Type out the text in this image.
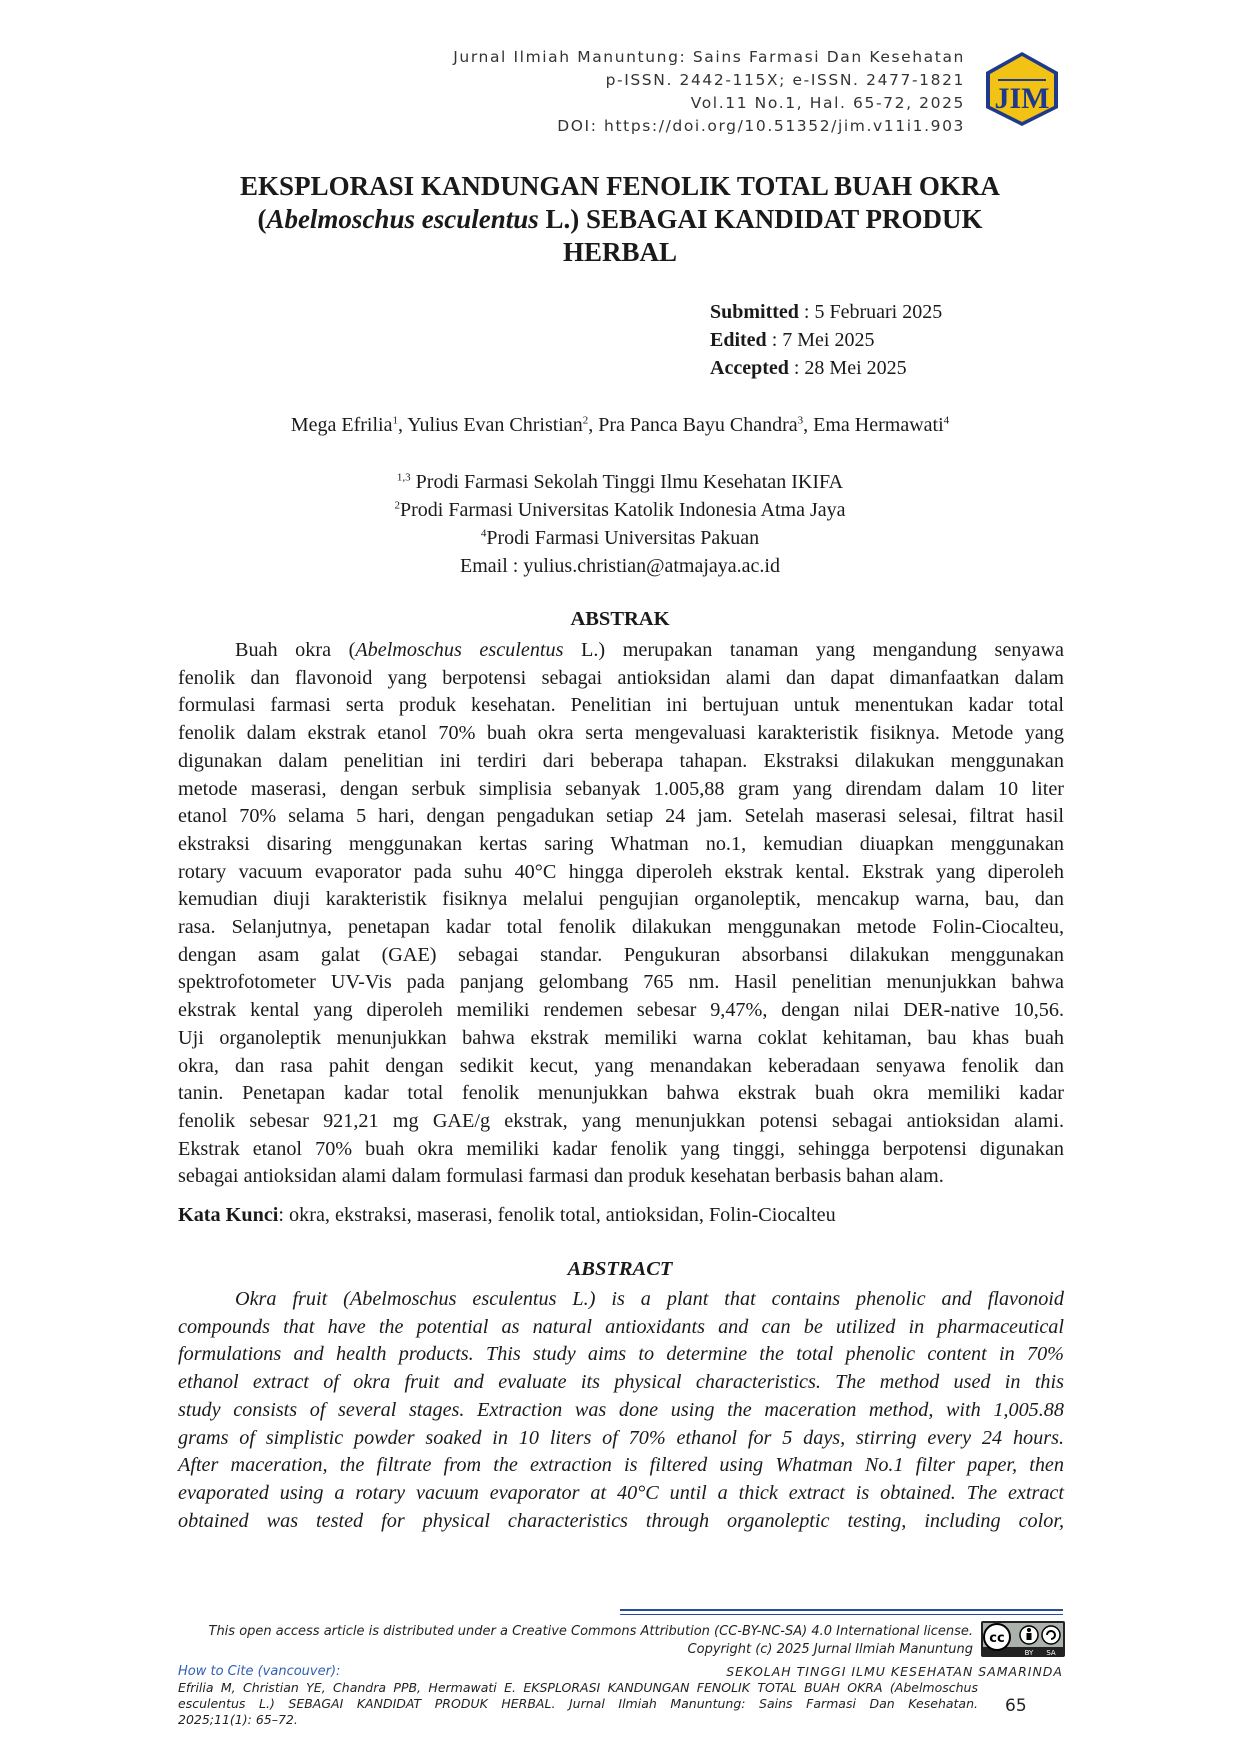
Jurnal Ilmiah Manuntung: Sains Farmasi Dan Kesehatan
p-ISSN. 2442-115X; e-ISSN. 2477-1821
Vol.11 No.1, Hal. 65-72, 2025
DOI: https://doi.org/10.51352/jim.v11i1.903
JIM
EKSPLORASI KANDUNGAN FENOLIK TOTAL BUAH OKRA
(Abelmoschus esculentus L.) SEBAGAI KANDIDAT PRODUK
HERBAL
Submitted : 5 Februari 2025
Edited : 7 Mei 2025
Accepted : 28 Mei 2025
Mega Efrilia$^1$, Yulius Evan Christian$^2$, Pra Panca Bayu Chandra$^3$, Ema Hermawati$^4$
$^{1,3}$ Prodi Farmasi Sekolah Tinggi Ilmu Kesehatan IKIFA
$^2$Prodi Farmasi Universitas Katolik Indonesia Atma Jaya
$^4$Prodi Farmasi Universitas Pakuan
Email : yulius.christian@atmajaya.ac.id
ABSTRAK
Buah okra (Abelmoschus esculentus L.) merupakan tanaman yang mengandung senyawa
fenolik dan flavonoid yang berpotensi sebagai antioksidan alami dan dapat dimanfaatkan dalam
formulasi farmasi serta produk kesehatan. Penelitian ini bertujuan untuk menentukan kadar total
fenolik dalam ekstrak etanol 70% buah okra serta mengevaluasi karakteristik fisiknya. Metode yang
digunakan dalam penelitian ini terdiri dari beberapa tahapan. Ekstraksi dilakukan menggunakan
metode maserasi, dengan serbuk simplisia sebanyak 1.005,88 gram yang direndam dalam 10 liter
etanol 70% selama 5 hari, dengan pengadukan setiap 24 jam. Setelah maserasi selesai, filtrat hasil
ekstraksi disaring menggunakan kertas saring Whatman no.1, kemudian diuapkan menggunakan
rotary vacuum evaporator pada suhu 40°C hingga diperoleh ekstrak kental. Ekstrak yang diperoleh
kemudian diuji karakteristik fisiknya melalui pengujian organoleptik, mencakup warna, bau, dan
rasa. Selanjutnya, penetapan kadar total fenolik dilakukan menggunakan metode Folin-Ciocalteu,
dengan asam galat (GAE) sebagai standar. Pengukuran absorbansi dilakukan menggunakan
spektrofotometer UV-Vis pada panjang gelombang 765 nm. Hasil penelitian menunjukkan bahwa
ekstrak kental yang diperoleh memiliki rendemen sebesar 9,47%, dengan nilai DER-native 10,56.
Uji organoleptik menunjukkan bahwa ekstrak memiliki warna coklat kehitaman, bau khas buah
okra, dan rasa pahit dengan sedikit kecut, yang menandakan keberadaan senyawa fenolik dan
tanin. Penetapan kadar total fenolik menunjukkan bahwa ekstrak buah okra memiliki kadar
fenolik sebesar 921,21 mg GAE/g ekstrak, yang menunjukkan potensi sebagai antioksidan alami.
Ekstrak etanol 70% buah okra memiliki kadar fenolik yang tinggi, sehingga berpotensi digunakan
sebagai antioksidan alami dalam formulasi farmasi dan produk kesehatan berbasis bahan alam.
Kata Kunci: okra, ekstraksi, maserasi, fenolik total, antioksidan, Folin-Ciocalteu
ABSTRACT
Okra fruit (Abelmoschus esculentus L.) is a plant that contains phenolic and flavonoid
compounds that have the potential as natural antioxidants and can be utilized in pharmaceutical
formulations and health products. This study aims to determine the total phenolic content in 70%
ethanol extract of okra fruit and evaluate its physical characteristics. The method used in this
study consists of several stages. Extraction was done using the maceration method, with 1,005.88
grams of simplistic powder soaked in 10 liters of 70% ethanol for 5 days, stirring every 24 hours.
After maceration, the filtrate from the extraction is filtered using Whatman No.1 filter paper, then
evaporated using a rotary vacuum evaporator at 40°C until a thick extract is obtained. The extract
obtained was tested for physical characteristics through organoleptic testing, including color,
This open access article is distributed under a Creative Commons Attribution (CC-BY-NC-SA) 4.0 International license.
Copyright (c) 2025 Jurnal Ilmiah Manuntung
cc
BY SA
How to Cite (vancouver):	SEKOLAH TINGGI ILMU KESEHATAN SAMARINDA
Efrilia M, Christian YE, Chandra PPB, Hermawati E. EKSPLORASI KANDUNGAN FENOLIK TOTAL BUAH OKRA (Abelmoschus
esculentus L.) SEBAGAI KANDIDAT PRODUK HERBAL. Jurnal Ilmiah Manuntung: Sains Farmasi Dan Kesehatan.
2025;11(1): 65–72.
65
